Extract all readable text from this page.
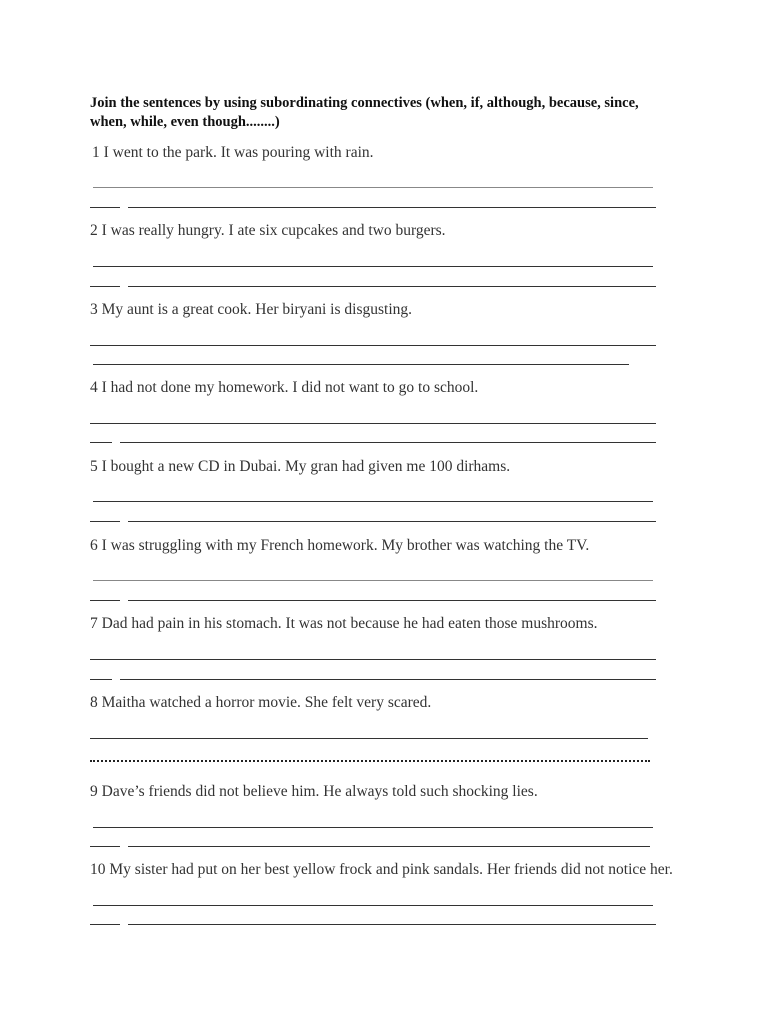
Join the sentences by using subordinating connectives (when, if, although, because, since, when, while, even though........)
1 I went to the park. It was pouring with rain.
2 I was really hungry. I ate six cupcakes and two burgers.
3 My aunt is a great cook. Her biryani is disgusting.
4 I had not done my homework. I did not want to go to school.
5 I bought a new CD in Dubai. My gran had given me 100 dirhams.
6 I was struggling with my French homework. My brother was watching the TV.
7 Dad had pain in his stomach. It was not because he had eaten those mushrooms.
8 Maitha watched a horror movie. She felt very scared.
9 Dave’s friends did not believe him. He always told such shocking lies.
10 My sister had put on her best yellow frock and pink sandals. Her friends did not notice her.
